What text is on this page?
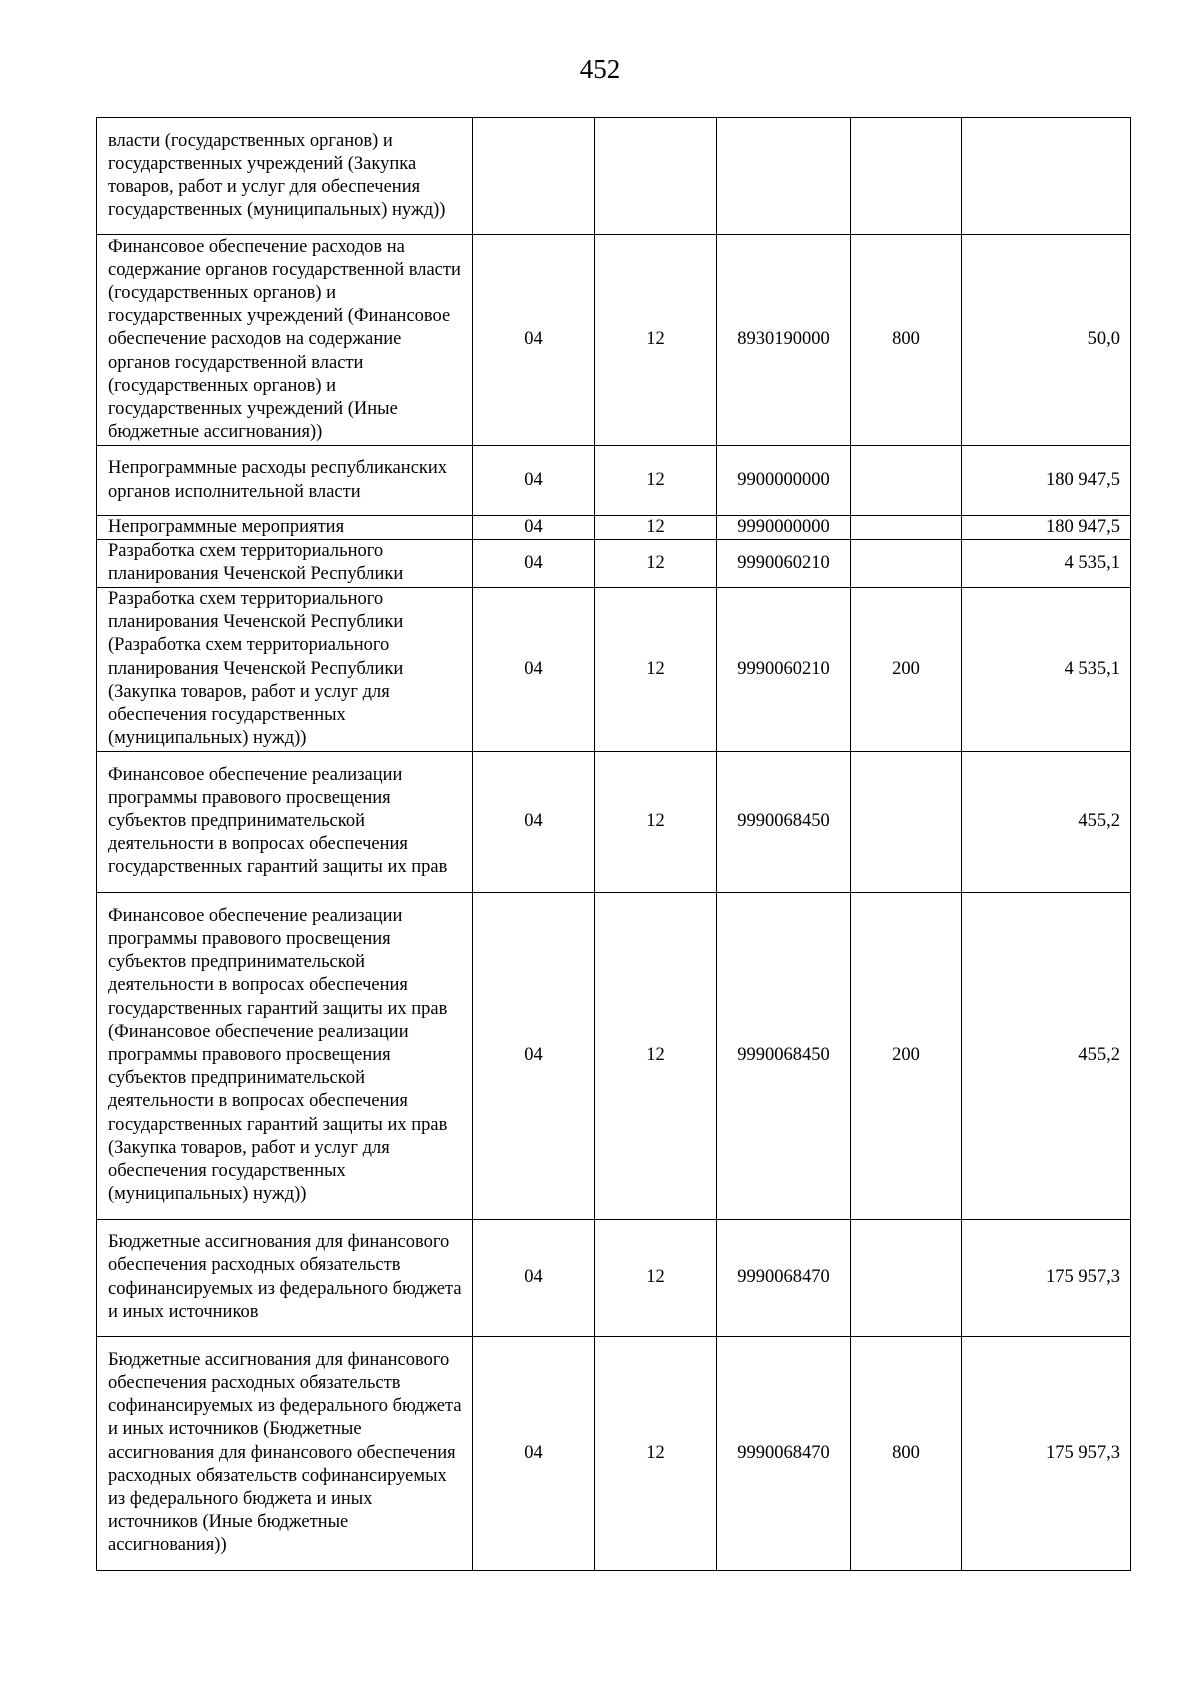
452
власти (государственных органов) и государственных учреждений (Закупка товаров, работ и услуг для обеспечения государственных (муниципальных) нужд))					
Финансовое обеспечение расходов на содержание органов государственной власти (государственных органов) и государственных учреждений (Финансовое обеспечение расходов на содержание органов государственной власти (государственных органов) и государственных учреждений (Иные бюджетные ассигнования))	04	12	8930190000	800	50,0
Непрограммные расходы республиканских органов исполнительной власти	04	12	9900000000		180 947,5
Непрограммные мероприятия	04	12	9990000000		180 947,5
Разработка схем территориального планирования Чеченской Республики	04	12	9990060210		4 535,1
Разработка схем территориального планирования Чеченской Республики (Разработка схем территориального планирования Чеченской Республики (Закупка товаров, работ и услуг для обеспечения государственных (муниципальных) нужд))	04	12	9990060210	200	4 535,1
Финансовое обеспечение реализации программы правового просвещения субъектов предпринимательской деятельности в вопросах обеспечения государственных гарантий защиты их прав	04	12	9990068450		455,2
Финансовое обеспечение реализации программы правового просвещения субъектов предпринимательской деятельности в вопросах обеспечения государственных гарантий защиты их прав (Финансовое обеспечение реализации программы правового просвещения субъектов предпринимательской деятельности в вопросах обеспечения государственных гарантий защиты их прав (Закупка товаров, работ и услуг для обеспечения государственных (муниципальных) нужд))	04	12	9990068450	200	455,2
Бюджетные ассигнования для финансового обеспечения расходных обязательств софинансируемых из федерального бюджета и иных источников	04	12	9990068470		175 957,3
Бюджетные ассигнования для финансового обеспечения расходных обязательств софинансируемых из федерального бюджета и иных источников (Бюджетные ассигнования для финансового обеспечения расходных обязательств софинансируемых из федерального бюджета и иных источников (Иные бюджетные ассигнования))	04	12	9990068470	800	175 957,3
